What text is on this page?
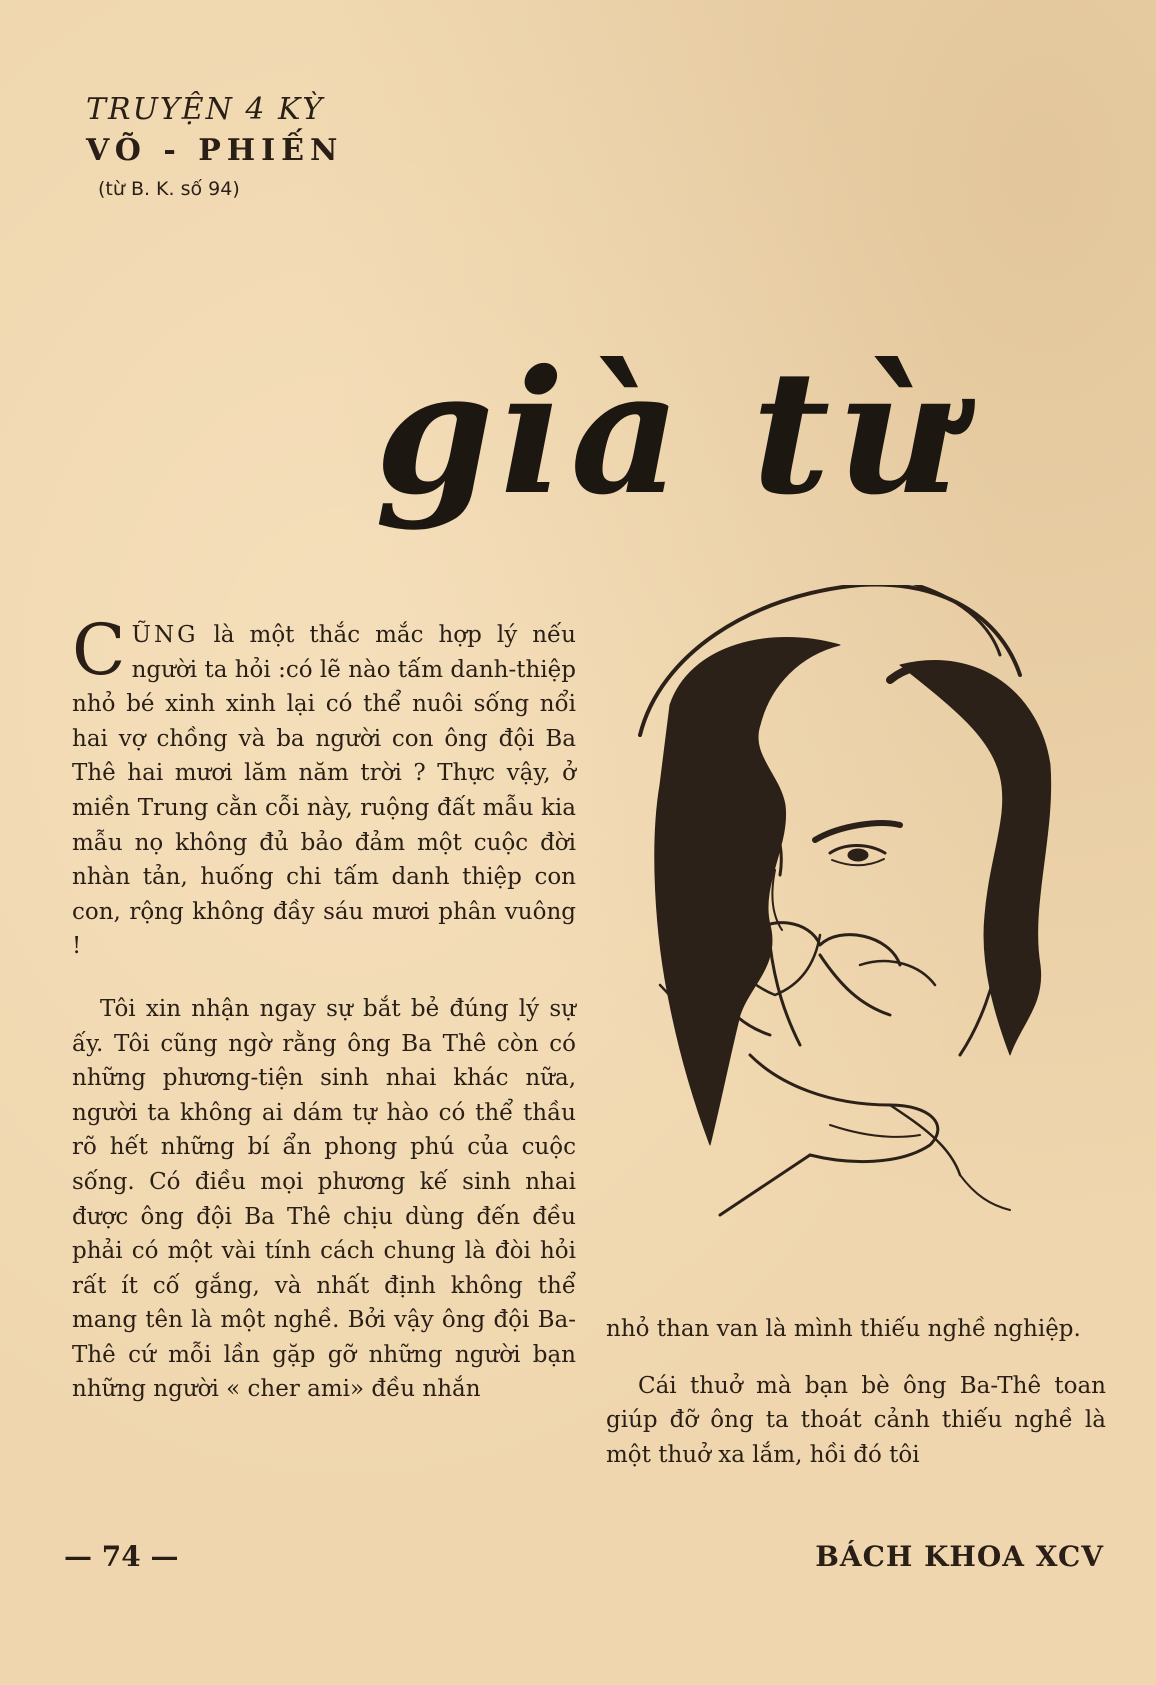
TRUYỆN 4 KỲ

VÕ - PHIẾN

(từ B. K. số 94)

già từ

CŨNG là một thắc mắc hợp lý nếu người ta hỏi :có lẽ nào tấm danh-thiệp nhỏ bé xinh xinh lại có thể nuôi sống nổi hai vợ chồng và ba người con ông đội Ba Thê hai mươi lăm năm trời ? Thực vậy, ở miền Trung cằn cỗi này, ruộng đất mẫu kia mẫu nọ không đủ bảo đảm một cuộc đời nhàn tản, huống chi tấm danh thiệp con con, rộng không đầy sáu mươi phân vuông !

Tôi xin nhận ngay sự bắt bẻ đúng lý sự ấy. Tôi cũng ngờ rằng ông Ba Thê còn có những phương-tiện sinh nhai khác nữa, người ta không ai dám tự hào có thể thầu rõ hết những bí ẩn phong phú của cuộc sống. Có điều mọi phương kế sinh nhai được ông đội Ba Thê chịu dùng đến đều phải có một vài tính cách chung là đòi hỏi rất ít cố gắng, và nhất định không thể mang tên là một nghề. Bởi vậy ông đội Ba-Thê cứ mỗi lần gặp gỡ những người bạn những người « cher ami» đều nhắn

nhỏ than van là mình thiếu nghề nghiệp.

Cái thuở mà bạn bè ông Ba-Thê toan giúp đỡ ông ta thoát cảnh thiếu nghề là một thuở xa lắm, hồi đó tôi

— 74 —	BÁCH KHOA XCV
